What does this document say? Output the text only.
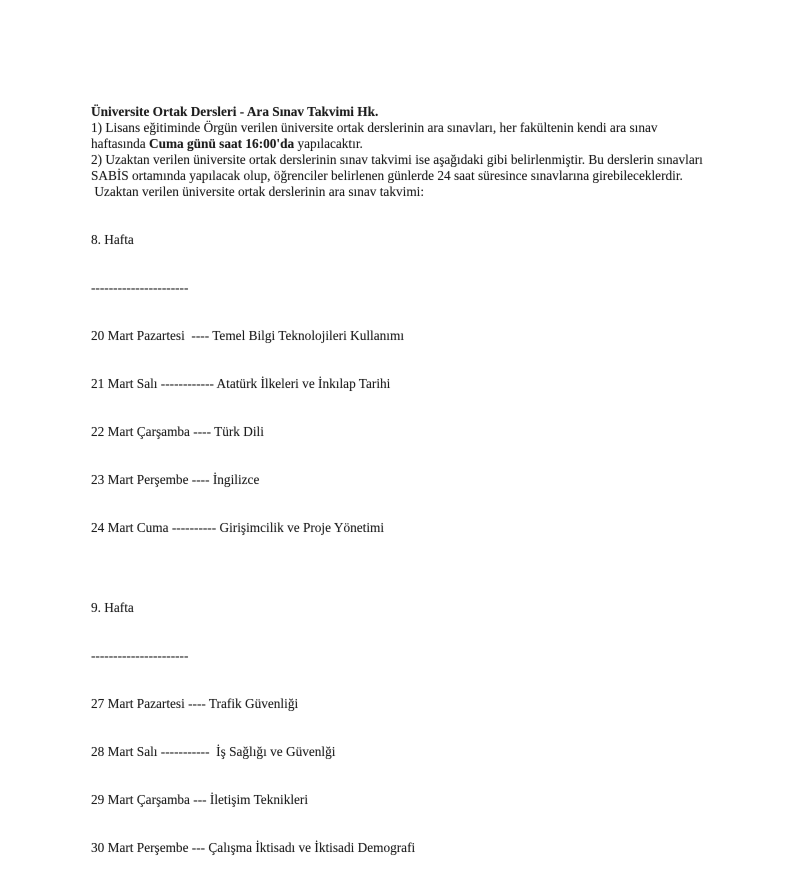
Üniversite Ortak Dersleri - Ara Sınav Takvimi Hk.

1) Lisans eğitiminde Örgün verilen üniversite ortak derslerinin ara sınavları, her fakültenin kendi ara sınav haftasında Cuma günü saat 16:00'da yapılacaktır.

2) Uzaktan verilen üniversite ortak derslerinin sınav takvimi ise aşağıdaki gibi belirlenmiştir. Bu derslerin sınavları SABİS ortamında yapılacak olup, öğrenciler belirlenen günlerde 24 saat süresince sınavlarına girebileceklerdir.

Uzaktan verilen üniversite ortak derslerinin ara sınav takvimi:

8. Hafta

----------------------

20 Mart Pazartesi  ---- Temel Bilgi Teknolojileri Kullanımı

21 Mart Salı ------------ Atatürk İlkeleri ve İnkılap Tarihi

22 Mart Çarşamba ---- Türk Dili

23 Mart Perşembe ---- İngilizce

24 Mart Cuma ---------- Girişimcilik ve Proje Yönetimi

9. Hafta

----------------------

27 Mart Pazartesi ---- Trafik Güvenliği

28 Mart Salı -----------  İş Sağlığı ve Güvenlği

29 Mart Çarşamba --- İletişim Teknikleri

30 Mart Perşembe --- Çalışma İktisadı ve İktisadi Demografi
